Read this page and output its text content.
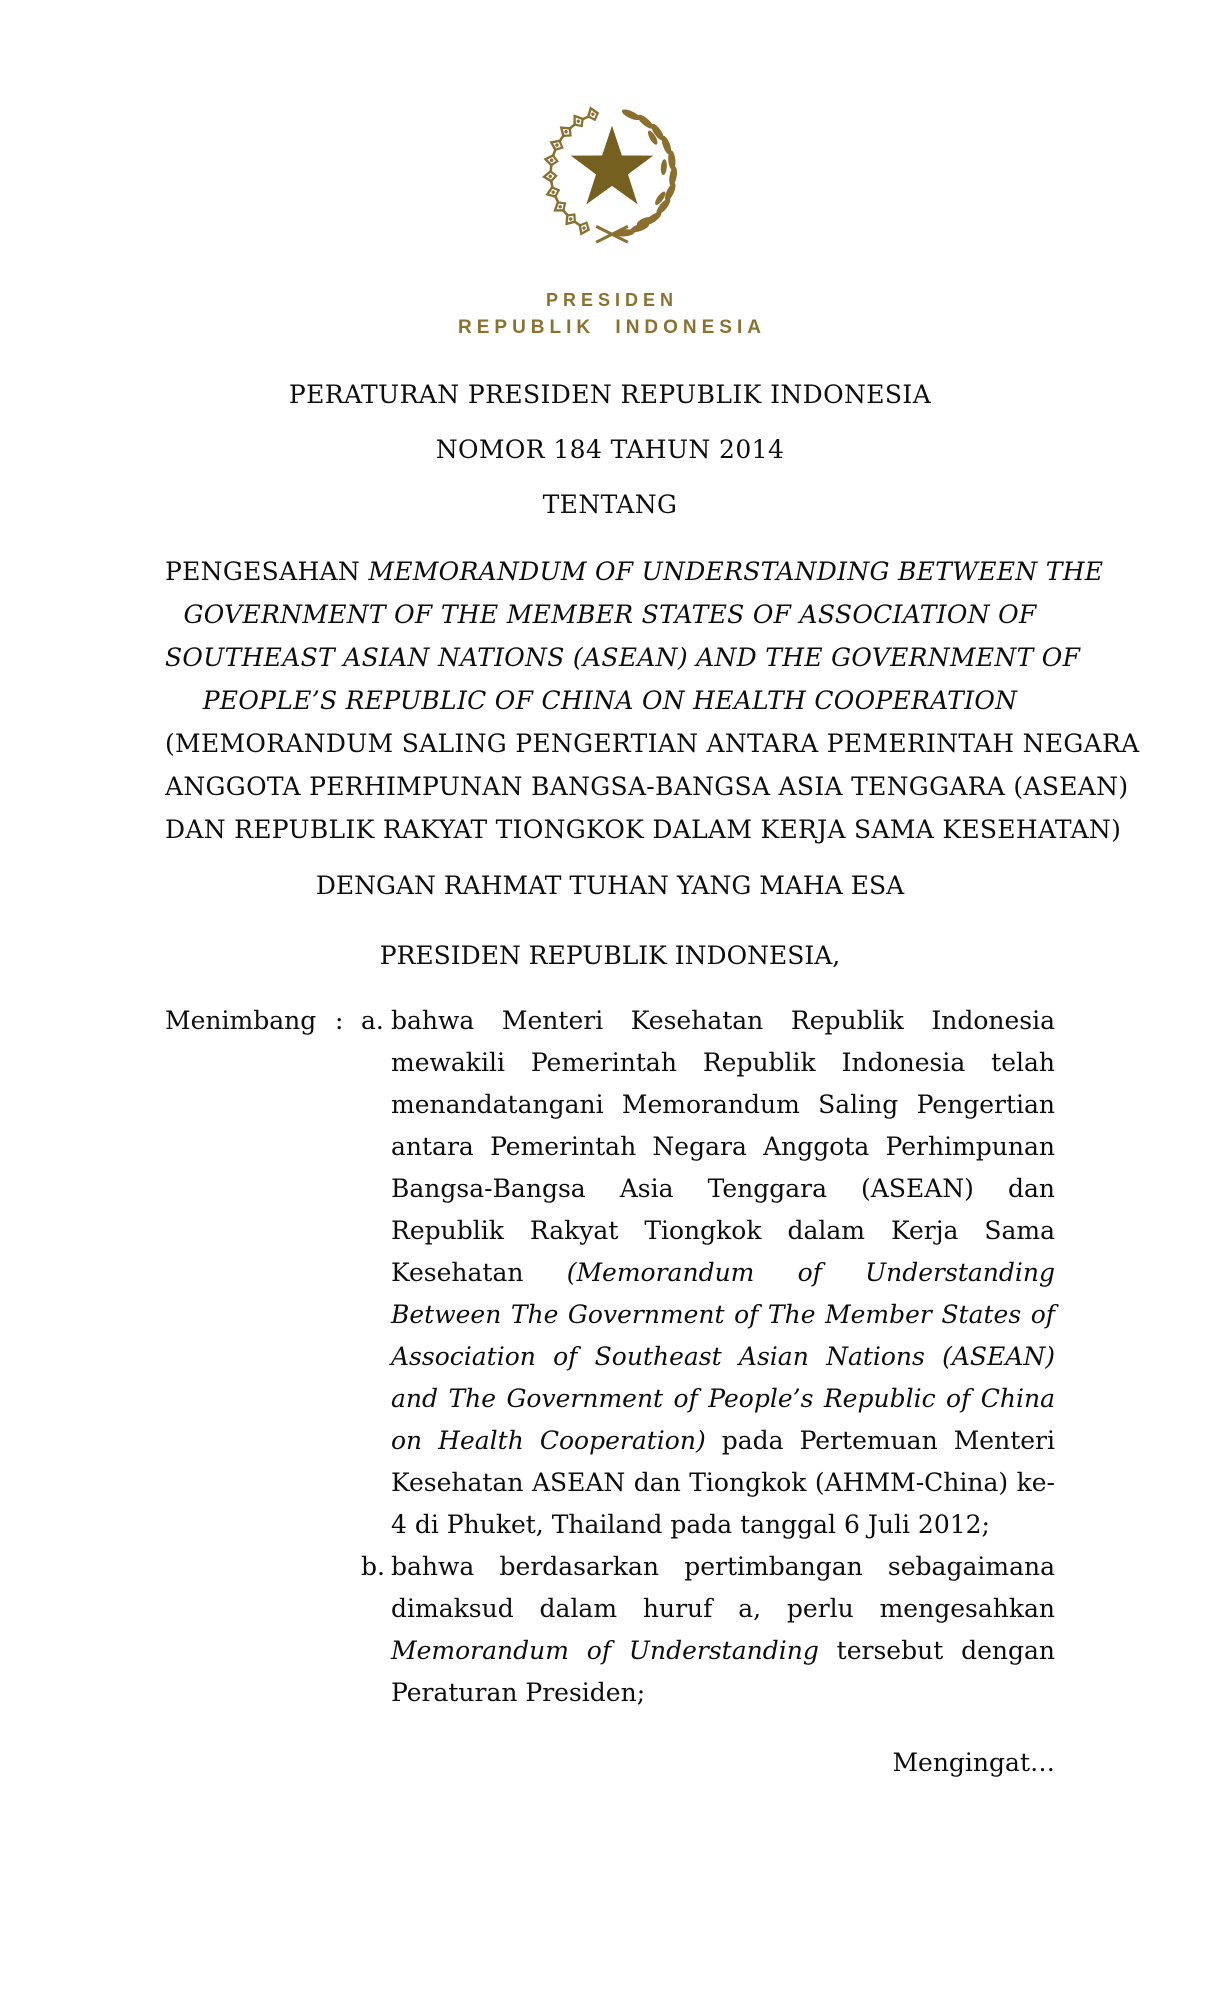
PRESIDEN
REPUBLIK INDONESIA
PERATURAN PRESIDEN REPUBLIK INDONESIA
NOMOR 184 TAHUN 2014
TENTANG
PENGESAHAN MEMORANDUM OF UNDERSTANDING BETWEEN THE
GOVERNMENT OF THE MEMBER STATES OF ASSOCIATION OF
SOUTHEAST ASIAN NATIONS (ASEAN) AND THE GOVERNMENT OF
PEOPLE’S REPUBLIC OF CHINA ON HEALTH COOPERATION
(MEMORANDUM SALING PENGERTIAN ANTARA PEMERINTAH NEGARA
ANGGOTA PERHIMPUNAN BANGSA-BANGSA ASIA TENGGARA (ASEAN)
DAN REPUBLIK RAKYAT TIONGKOK DALAM KERJA SAMA KESEHATAN)
DENGAN RAHMAT TUHAN YANG MAHA ESA
PRESIDEN REPUBLIK INDONESIA,
Menimbang : a. bahwa Menteri Kesehatan Republik Indonesia mewakili Pemerintah Republik Indonesia telah menandatangani Memorandum Saling Pengertian antara Pemerintah Negara Anggota Perhimpunan Bangsa-Bangsa Asia Tenggara (ASEAN) dan Republik Rakyat Tiongkok dalam Kerja Sama Kesehatan (Memorandum of Understanding Between The Government of The Member States of Association of Southeast Asian Nations (ASEAN) and The Government of People’s Republic of China on Health Cooperation) pada Pertemuan Menteri Kesehatan ASEAN dan Tiongkok (AHMM-China) ke-4 di Phuket, Thailand pada tanggal 6 Juli 2012;
b. bahwa berdasarkan pertimbangan sebagaimana dimaksud dalam huruf a, perlu mengesahkan Memorandum of Understanding tersebut dengan Peraturan Presiden;
Mengingat…
